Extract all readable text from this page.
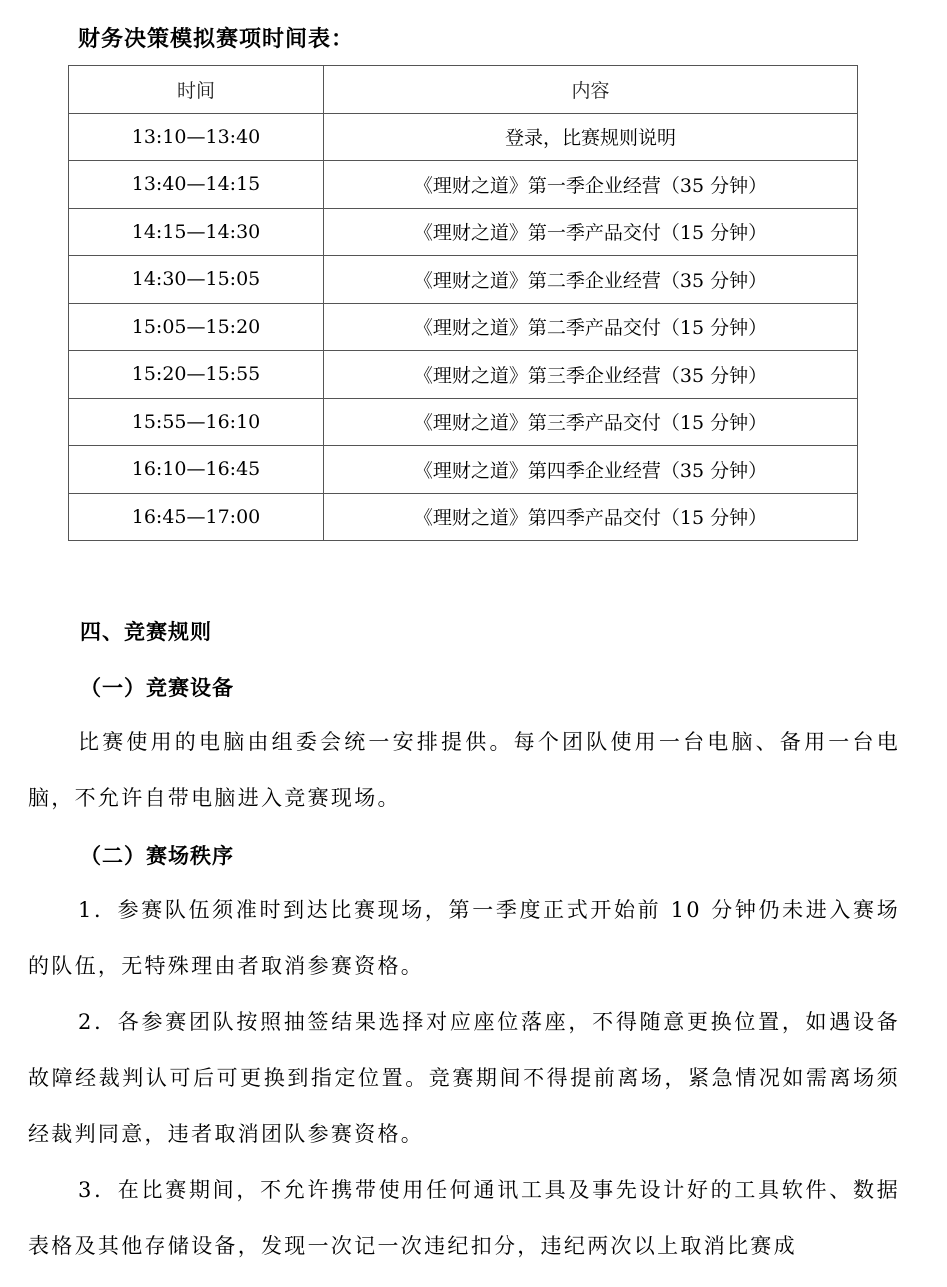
财务决策模拟赛项时间表：
时间	内容
13:10—13:40	登录，比赛规则说明
13:40—14:15	《理财之道》第一季企业经营（35 分钟）
14:15—14:30	《理财之道》第一季产品交付（15 分钟）
14:30—15:05	《理财之道》第二季企业经营（35 分钟）
15:05—15:20	《理财之道》第二季产品交付（15 分钟）
15:20—15:55	《理财之道》第三季企业经营（35 分钟）
15:55—16:10	《理财之道》第三季产品交付（15 分钟）
16:10—16:45	《理财之道》第四季企业经营（35 分钟）
16:45—17:00	《理财之道》第四季产品交付（15 分钟）
四、竞赛规则
（一）竞赛设备
比赛使用的电脑由组委会统一安排提供。每个团队使用一台电脑、备用一台电脑，不允许自带电脑进入竞赛现场。
（二）赛场秩序
1．参赛队伍须准时到达比赛现场，第一季度正式开始前 10 分钟仍未进入赛场的队伍，无特殊理由者取消参赛资格。
2．各参赛团队按照抽签结果选择对应座位落座，不得随意更换位置，如遇设备故障经裁判认可后可更换到指定位置。竞赛期间不得提前离场，紧急情况如需离场须经裁判同意，违者取消团队参赛资格。
3．在比赛期间，不允许携带使用任何通讯工具及事先设计好的工具软件、数据表格及其他存储设备，发现一次记一次违纪扣分，违纪两次以上取消比赛成
